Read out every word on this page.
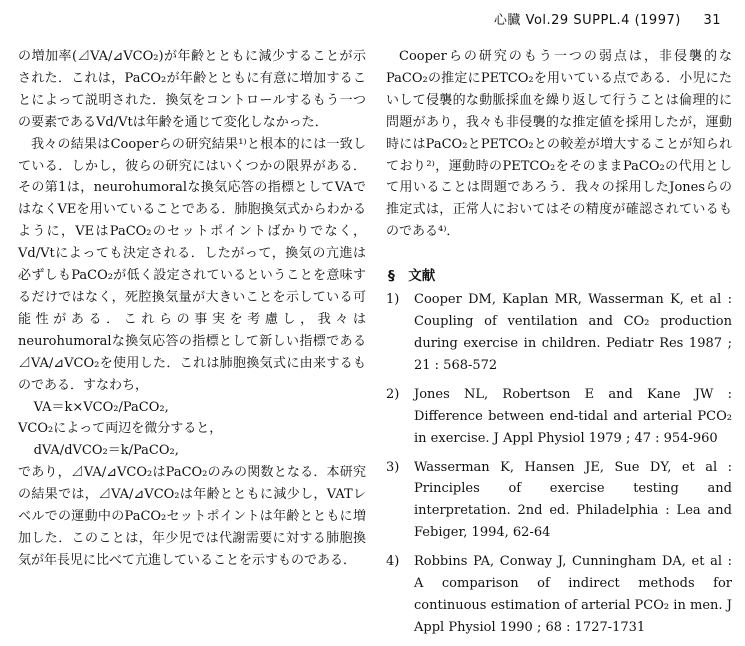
心臓 Vol.29 SUPPL.4 (1997) 31

の増加率(⊿VA/⊿VCO₂)が年齢とともに減少することが示された．これは，PaCO₂が年齢とともに有意に増加することによって説明された．換気をコントロールするもう一つの要素であるVd/Vtは年齢を通じて変化しなかった．

我々の結果はCooperらの研究結果¹⁾と根本的には一致している．しかし，彼らの研究にはいくつかの限界がある．その第1は，neurohumoralな換気応答の指標としてVAではなくVEを用いていることである．肺胞換気式からわかるように，VEはPaCO₂のセットポイントばかりでなく，Vd/Vtによっても決定される．したがって，換気の亢進は必ずしもPaCO₂が低く設定されているということを意味するだけではなく，死腔換気量が大きいことを示している可能性がある．これらの事実を考慮し，我々はneurohumoralな換気応答の指標として新しい指標である⊿VA/⊿VCO₂を使用した．これは肺胞換気式に由来するものである．すなわち，

VA＝k×VCO₂/PaCO₂,

VCO₂によって両辺を微分すると，

dVA/dVCO₂＝k/PaCO₂,

であり，⊿VA/⊿VCO₂はPaCO₂のみの関数となる．本研究の結果では，⊿VA/⊿VCO₂は年齢とともに減少し，VATレベルでの運動中のPaCO₂セットポイントは年齢とともに増加した．このことは，年少児では代謝需要に対する肺胞換気が年長児に比べて亢進していることを示すものである．

Cooperらの研究のもう一つの弱点は，非侵襲的なPaCO₂の推定にPETCO₂を用いている点である．小児にたいして侵襲的な動脈採血を繰り返して行うことは倫理的に問題があり，我々も非侵襲的な推定値を採用したが，運動時にはPaCO₂とPETCO₂との較差が増大することが知られており²⁾，運動時のPETCO₂をそのままPaCO₂の代用として用いることは問題であろう．我々の採用したJonesらの推定式は，正常人においてはその精度が確認されているものである⁴⁾．

§　文献
1)	Cooper DM, Kaplan MR, Wasserman K, et al : Coupling of ventilation and CO₂ production during exercise in children. Pediatr Res 1987 ; 21 : 568-572
2)	Jones NL, Robertson E and Kane JW : Difference between end-tidal and arterial PCO₂ in exercise. J Appl Physiol 1979 ; 47 : 954-960
3)	Wasserman K, Hansen JE, Sue DY, et al : Principles of exercise testing and interpretation. 2nd ed. Philadelphia : Lea and Febiger, 1994, 62-64
4)	Robbins PA, Conway J, Cunningham DA, et al : A comparison of indirect methods for continuous estimation of arterial PCO₂ in men. J Appl Physiol 1990 ; 68 : 1727-1731
